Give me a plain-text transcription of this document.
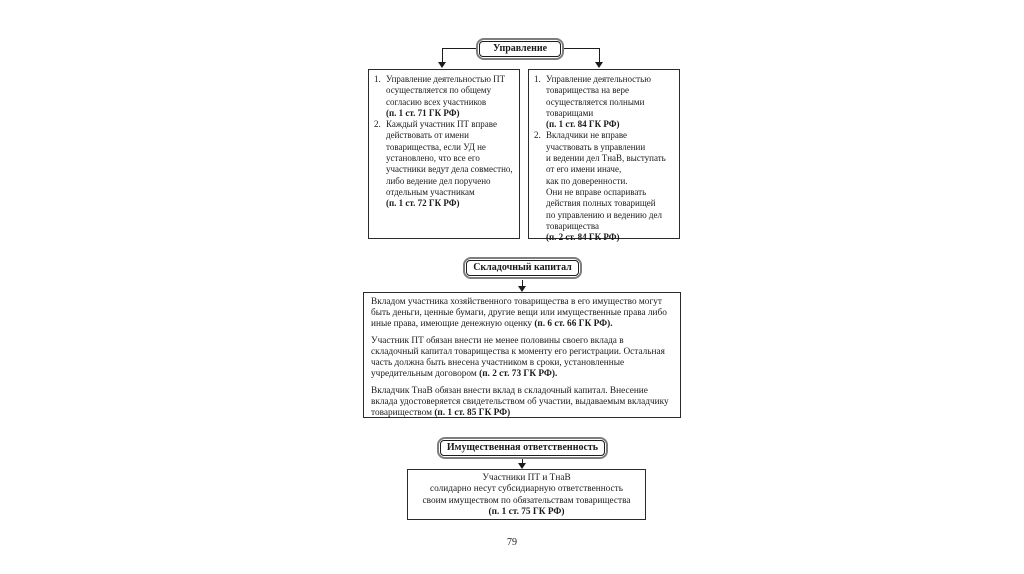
Управление
1. Управление деятельностью ПТ
осуществляется по общему
согласию всех участников
(п. 1 ст. 71 ГК РФ)
2. Каждый участник ПТ вправе
действовать от имени
товарищества, если УД не
установлено, что все его
участники ведут дела совместно,
либо ведение дел поручено
отдельным участникам
(п. 1 ст. 72 ГК РФ)
1. Управление деятельностью
товарищества на вере
осуществляется полными
товарищами
(п. 1 ст. 84 ГК РФ)
2. Вкладчики не вправе
участвовать в управлении
и ведении дел ТнаВ, выступать
от его имени иначе,
как по доверенности.
Они не вправе оспаривать
действия полных товарищей
по управлению и ведению дел
товарищества
(п. 2 ст. 84 ГК РФ)
Складочный капитал

Вкладом участника хозяйственного товарищества в его имущество могут быть деньги, ценные бумаги, другие вещи или имущественные права либо иные права, имеющие денежную оценку (п. 6 ст. 66 ГК РФ).

Участник ПТ обязан внести не менее половины своего вклада в складочный капитал товарищества к моменту его регистрации. Остальная часть должна быть внесена участником в сроки, установленные учредительным договором (п. 2 ст. 73 ГК РФ).

Вкладчик ТнаВ обязан внести вклад в складочный капитал. Внесение вклада удостоверяется свидетельством об участии, выдаваемым вкладчику товариществом (п. 1 ст. 85 ГК РФ)

Имущественная ответственность
Участники ПТ и ТнаВ
солидарно несут субсидиарную ответственность
своим имуществом по обязательствам товарищества
(п. 1 ст. 75 ГК РФ)
79
